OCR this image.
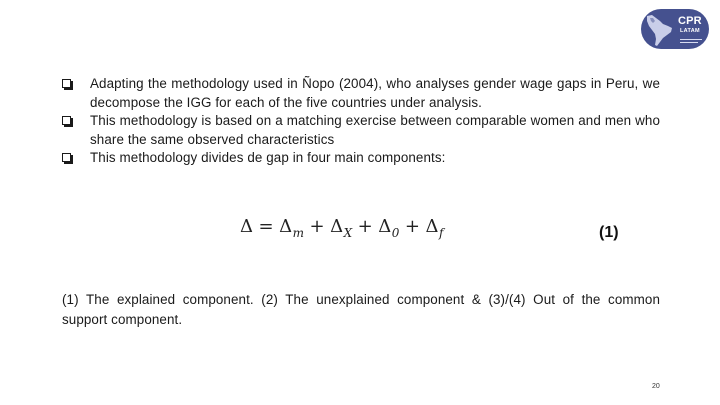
CPR
LATAM
Adapting the methodology used in Ñopo (2004), who analyses gender wage gaps in Peru, we decompose the IGG for each of the five countries under analysis.
This methodology is based on a matching exercise between comparable women and men who share the same observed characteristics
This methodology divides de gap in four main components:
$\Delta = \Delta_m + \Delta_X + \Delta_0 + \Delta_f$	(1)
(1) The explained component. (2) The unexplained component & (3)/(4) Out of the common support component.
20
